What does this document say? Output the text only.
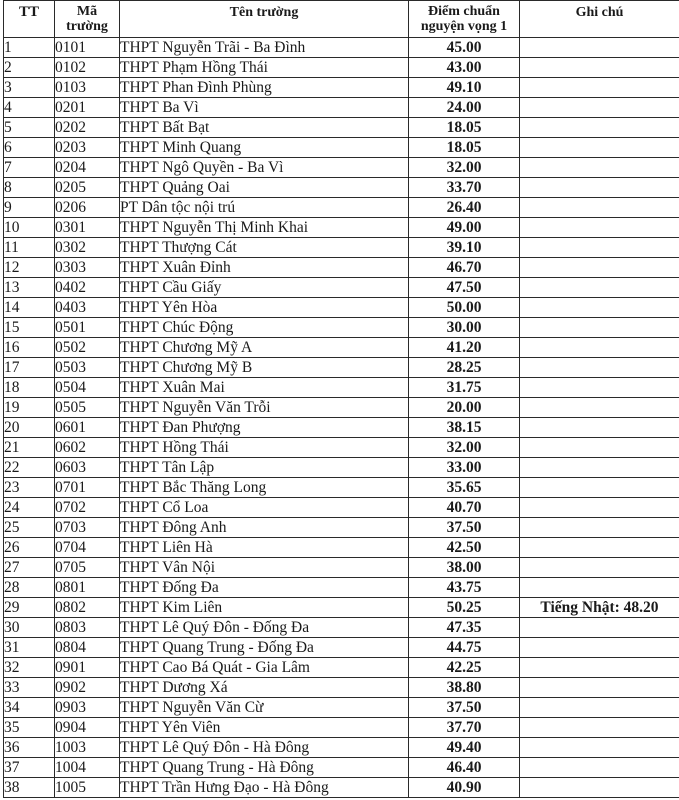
TT	Mã trường	Tên trường	Điểm chuẩn nguyện vọng 1	Ghi chú
1	0101	THPT Nguyễn Trãi - Ba Đình	45.00	
2	0102	THPT Phạm Hồng Thái	43.00	
3	0103	THPT Phan Đình Phùng	49.10	
4	0201	THPT Ba Vì	24.00	
5	0202	THPT Bất Bạt	18.05	
6	0203	THPT Minh Quang	18.05	
7	0204	THPT Ngô Quyền - Ba Vì	32.00	
8	0205	THPT Quảng Oai	33.70	
9	0206	PT Dân tộc nội trú	26.40	
10	0301	THPT Nguyễn Thị Minh Khai	49.00	
11	0302	THPT Thượng Cát	39.10	
12	0303	THPT Xuân Đỉnh	46.70	
13	0402	THPT Cầu Giấy	47.50	
14	0403	THPT Yên Hòa	50.00	
15	0501	THPT Chúc Động	30.00	
16	0502	THPT Chương Mỹ A	41.20	
17	0503	THPT Chương Mỹ B	28.25	
18	0504	THPT Xuân Mai	31.75	
19	0505	THPT Nguyễn Văn Trỗi	20.00	
20	0601	THPT Đan Phượng	38.15	
21	0602	THPT Hồng Thái	32.00	
22	0603	THPT Tân Lập	33.00	
23	0701	THPT Bắc Thăng Long	35.65	
24	0702	THPT Cổ Loa	40.70	
25	0703	THPT Đông Anh	37.50	
26	0704	THPT Liên Hà	42.50	
27	0705	THPT Vân Nội	38.00	
28	0801	THPT Đống Đa	43.75	
29	0802	THPT Kim Liên	50.25	Tiếng Nhật: 48.20
30	0803	THPT Lê Quý Đôn - Đống Đa	47.35	
31	0804	THPT Quang Trung - Đống Đa	44.75	
32	0901	THPT Cao Bá Quát - Gia Lâm	42.25	
33	0902	THPT Dương Xá	38.80	
34	0903	THPT Nguyễn Văn Cừ	37.50	
35	0904	THPT Yên Viên	37.70	
36	1003	THPT Lê Quý Đôn - Hà Đông	49.40	
37	1004	THPT Quang Trung - Hà Đông	46.40	
38	1005	THPT Trần Hưng Đạo - Hà Đông	40.90	
